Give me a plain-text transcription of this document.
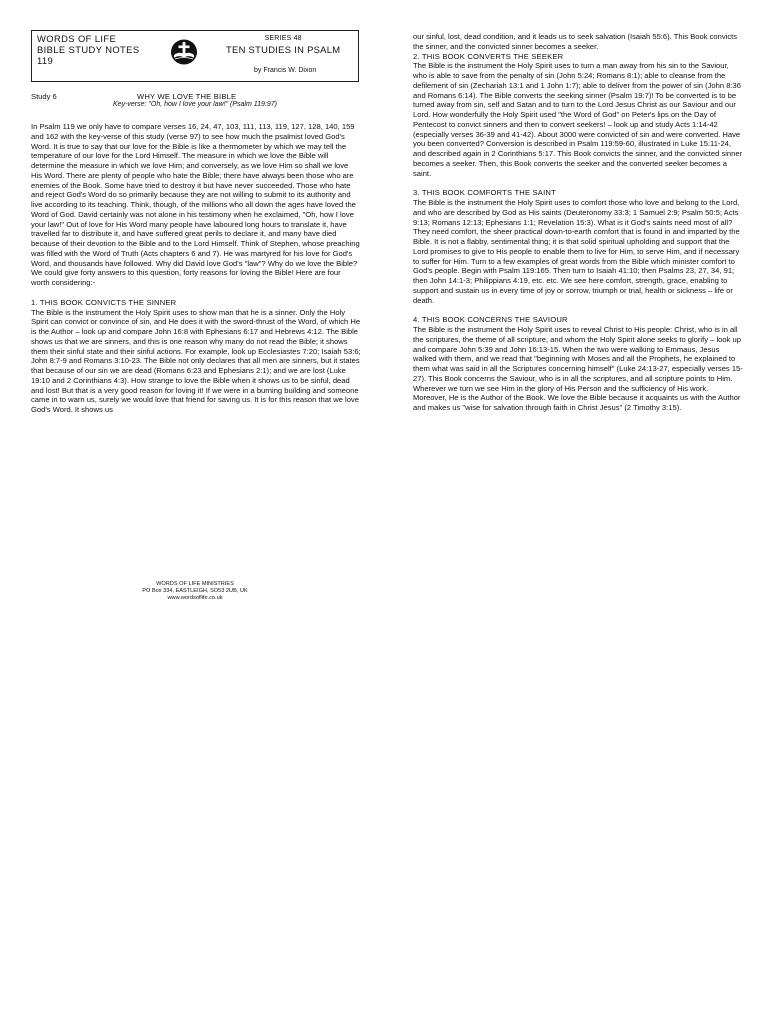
WORDS OF LIFE
BIBLE STUDY NOTES
119
SERIES 48
TEN STUDIES IN PSALM
by Francis W. Dixon
Study 6	WHY WE LOVE THE BIBLE
Key-verse: "Oh, how I love your law!" (Psalm 119:97)

In Psalm 119 we only have to compare verses 16, 24, 47, 103, 111, 113, 119, 127, 128, 140, 159 and 162 with the key-verse of this study (verse 97) to see how much the psalmist loved God's Word. It is true to say that our love for the Bible is like a thermometer by which we may tell the temperature of our love for the Lord Himself. The measure in which we love the Bible will determine the measure in which we love Him; and conversely, as we love Him so shall we love His Word. There are plenty of people who hate the Bible; there have always been those who are enemies of the Book. Some have tried to destroy it but have never succeeded. Those who hate and reject God's Word do so primarily because they are not willing to submit to its authority and live according to its teaching. Think, though, of the millions who all down the ages have loved the Word of God. David certainly was not alone in his testimony when he exclaimed, "Oh, how I love your law!" Out of love for His Word many people have laboured long hours to translate it, have travelled far to distribute it, and have suffered great perils to declare it, and many have died because of their devotion to the Bible and to the Lord Himself. Think of Stephen, whose preaching was filled with the Word of Truth (Acts chapters 6 and 7). He was martyred for his love for God's Word, and thousands have followed. Why did David love God's "law"? Why do we love the Bible? We could give forty answers to this question, forty reasons for loving the Bible! Here are four worth considering:-

1. THIS BOOK CONVICTS THE SINNER

The Bible is the instrument the Holy Spirit uses to show man that he is a sinner. Only the Holy Spirit can convict or convince of sin, and He does it with the sword-thrust of the Word, of which He is the Author – look up and compare John 16:8 with Ephesians 6:17 and Hebrews 4:12. The Bible shows us that we are sinners, and this is one reason why many do not read the Bible; it shows them their sinful state and their sinful actions. For example, look up Ecclesiastes 7:20; Isaiah 53:6; John 8:7-9 and Romans 3:10-23. The Bible not only declares that all men are sinners, but it states that because of our sin we are dead (Romans 6:23 and Ephesians 2:1); and we are lost (Luke 19:10 and 2 Corinthians 4:3). How strange to love the Bible when it shows us to be sinful, dead and lost! But that is a very good reason for loving it! If we were in a burning building and someone came in to warn us, surely we would love that friend for saving us. It is for this reason that we love God's Word. It shows us

our sinful, lost, dead condition, and it leads us to seek salvation (Isaiah 55:6). This Book convicts the sinner, and the convicted sinner becomes a seeker.

2. THIS BOOK CONVERTS THE SEEKER

The Bible is the instrument the Holy Spirit uses to turn a man away from his sin to the Saviour, who is able to save from the penalty of sin (John 5:24; Romans 8:1); able to cleanse from the defilement of sin (Zechariah 13:1 and 1 John 1:7); able to deliver from the power of sin (John 8:36 and Romans 6:14). The Bible converts the seeking sinner (Psalm 19:7)! To be converted is to be turned away from sin, self and Satan and to turn to the Lord Jesus Christ as our Saviour and our Lord. How wonderfully the Holy Spirit used "the Word of God" on Peter's lips on the Day of Pentecost to convict sinners and then to convert seekers! – look up and study Acts 1:14-42 (especially verses 36-39 and 41-42). About 3000 were convicted of sin and were converted. Have you been converted? Conversion is described in Psalm 119:59-60, illustrated in Luke 15:11-24, and described again in 2 Corinthians 5:17. This Book convicts the sinner, and the convicted sinner becomes a seeker. Then, this Book converts the seeker and the converted seeker becomes a saint.

3. THIS BOOK COMFORTS THE SAINT

The Bible is the instrument the Holy Spirit uses to comfort those who love and belong to the Lord, and who are described by God as His saints (Deuteronomy 33:3; 1 Samuel 2:9; Psalm 50:5; Acts 9:13; Romans 12:13; Ephesians 1:1; Revelation 15:3). What is it God's saints need most of all? They need comfort, the sheer practical down-to-earth comfort that is found in and imparted by the Bible. It is not a flabby, sentimental thing; it is that solid spiritual upholding and support that the Lord promises to give to His people to enable them to live for Him, to serve Him, and if necessary to suffer for Him. Turn to a few examples of great words from the Bible which minister comfort to God's people. Begin with Psalm 119:165. Then turn to Isaiah 41:10; then Psalms 23, 27, 34, 91; then John 14:1-3; Philippians 4:19, etc. etc. We see here comfort, strength, grace, enabling to support and sustain us in every time of joy or sorrow, triumph or trial, health or sickness – life or death.

4. THIS BOOK CONCERNS THE SAVIOUR

The Bible is the instrument the Holy Spirit uses to reveal Christ to His people: Christ, who is in all the scriptures, the theme of all scripture, and whom the Holy Spirit alone seeks to glorify – look up and compare John 5:39 and John 16:13-15. When the two were walking to Emmaus, Jesus walked with them, and we read that "beginning with Moses and all the Prophets, he explained to them what was said in all the Scriptures concerning himself" (Luke 24:13-27, especially verses 15-27). This Book concerns the Saviour, who is in all the scriptures, and all scripture points to Him. Wherever we turn we see Him in the glory of His Person and the sufficiency of His work. Moreover, He is the Author of the Book. We love the Bible because it acquaints us with the Author and makes us "wise for salvation through faith in Christ Jesus" (2 Timothy 3:15).

WORDS OF LIFE MINISTRIES
PO Box 334, EASTLEIGH, SO53 2UB, UK
www.wordsoflife.co.uk
